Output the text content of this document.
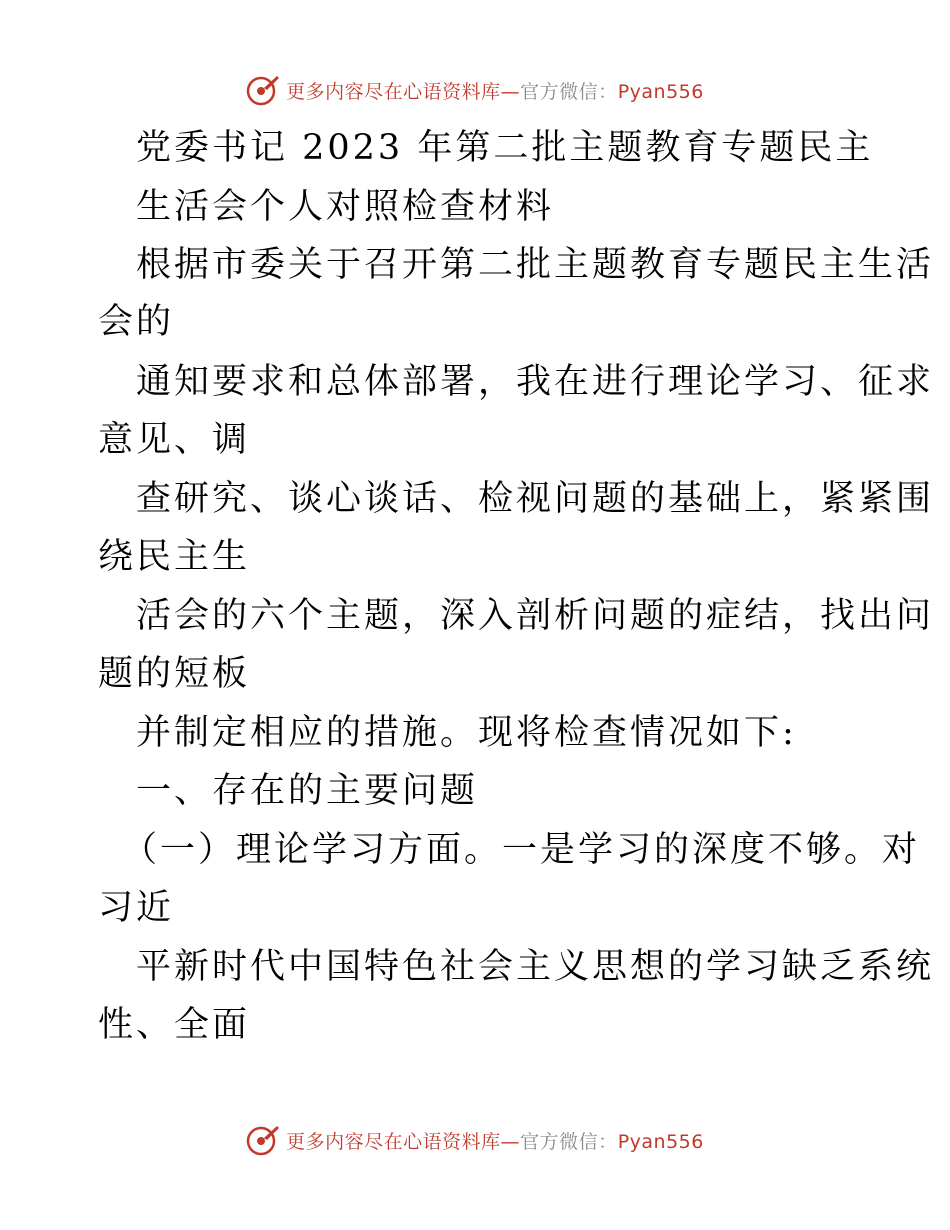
更多内容尽在心语资料库—官方微信：Pyan556
党委书记 2023 年第二批主题教育专题民主
生活会个人对照检查材料
根据市委关于召开第二批主题教育专题民主生活
会的
通知要求和总体部署，我在进行理论学习、征求
意见、调
查研究、谈心谈话、检视问题的基础上，紧紧围
绕民主生
活会的六个主题，深入剖析问题的症结，找出问
题的短板
并制定相应的措施。现将检查情况如下:
一、存在的主要问题
（一）理论学习方面。一是学习的深度不够。对
习近
平新时代中国特色社会主义思想的学习缺乏系统
性、全面
更多内容尽在心语资料库—官方微信：Pyan556
